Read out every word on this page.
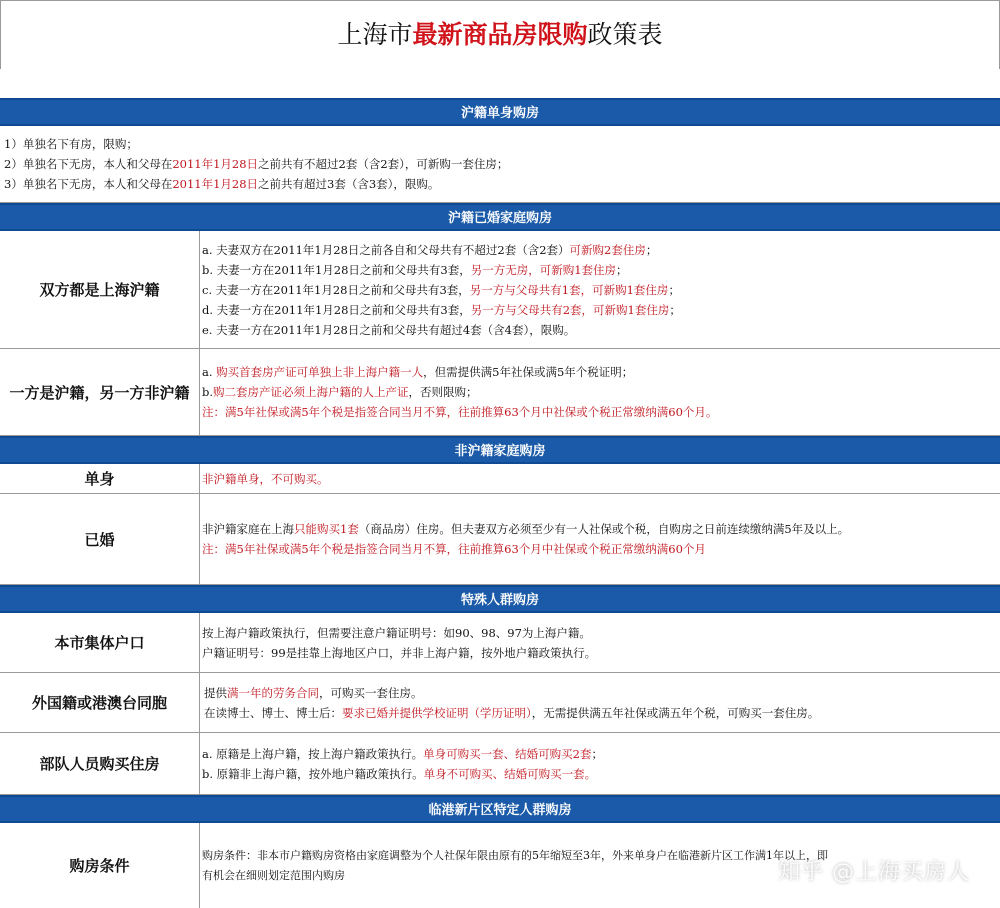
上海市最新商品房限购政策表
沪籍单身购房
1）单独名下有房，限购；
2）单独名下无房，本人和父母在2011年1月28日之前共有不超过2套（含2套），可新购一套住房；
3）单独名下无房，本人和父母在2011年1月28日之前共有超过3套（含3套），限购。
沪籍已婚家庭购房
双方都是上海沪籍
a. 夫妻双方在2011年1月28日之前各自和父母共有不超过2套（含2套）可新购2套住房；
b. 夫妻一方在2011年1月28日之前和父母共有3套，另一方无房，可新购1套住房；
c. 夫妻一方在2011年1月28日之前和父母共有3套，另一方与父母共有1套，可新购1套住房；
d. 夫妻一方在2011年1月28日之前和父母共有3套，另一方与父母共有2套，可新购1套住房；
e. 夫妻一方在2011年1月28日之前和父母共有超过4套（含4套），限购。
一方是沪籍，另一方非沪籍
a. 购买首套房产证可单独上非上海户籍一人，但需提供满5年社保或满5年个税证明；
b.购二套房产证必须上海户籍的人上产证，否则限购；
注：满5年社保或满5年个税是指签合同当月不算，往前推算63个月中社保或个税正常缴纳满60个月。
非沪籍家庭购房
单身	非沪籍单身，不可购买。
已婚
非沪籍家庭在上海只能购买1套（商品房）住房。但夫妻双方必须至少有一人社保或个税，自购房之日前连续缴纳满5年及以上。
注：满5年社保或满5年个税是指签合同当月不算，往前推算63个月中社保或个税正常缴纳满60个月
特殊人群购房
本市集体户口
按上海户籍政策执行，但需要注意户籍证明号：如90、98、97为上海户籍。
户籍证明号：99是挂靠上海地区户口，并非上海户籍，按外地户籍政策执行。
外国籍或港澳台同胞
提供满一年的劳务合同，可购买一套住房。
在读博士、博士、博士后：要求已婚并提供学校证明（学历证明），无需提供满五年社保或满五年个税，可购买一套住房。
部队人员购买住房
a. 原籍是上海户籍，按上海户籍政策执行。单身可购买一套、结婚可购买2套；
b. 原籍非上海户籍，按外地户籍政策执行。单身不可购买、结婚可购买一套。
临港新片区特定人群购房
购房条件
购房条件：非本市户籍购房资格由家庭调整为个人社保年限由原有的5年缩短至3年，外来单身户在临港新片区工作满1年以上，即
有机会在细则划定范围内购房	知乎 @上海买房人
